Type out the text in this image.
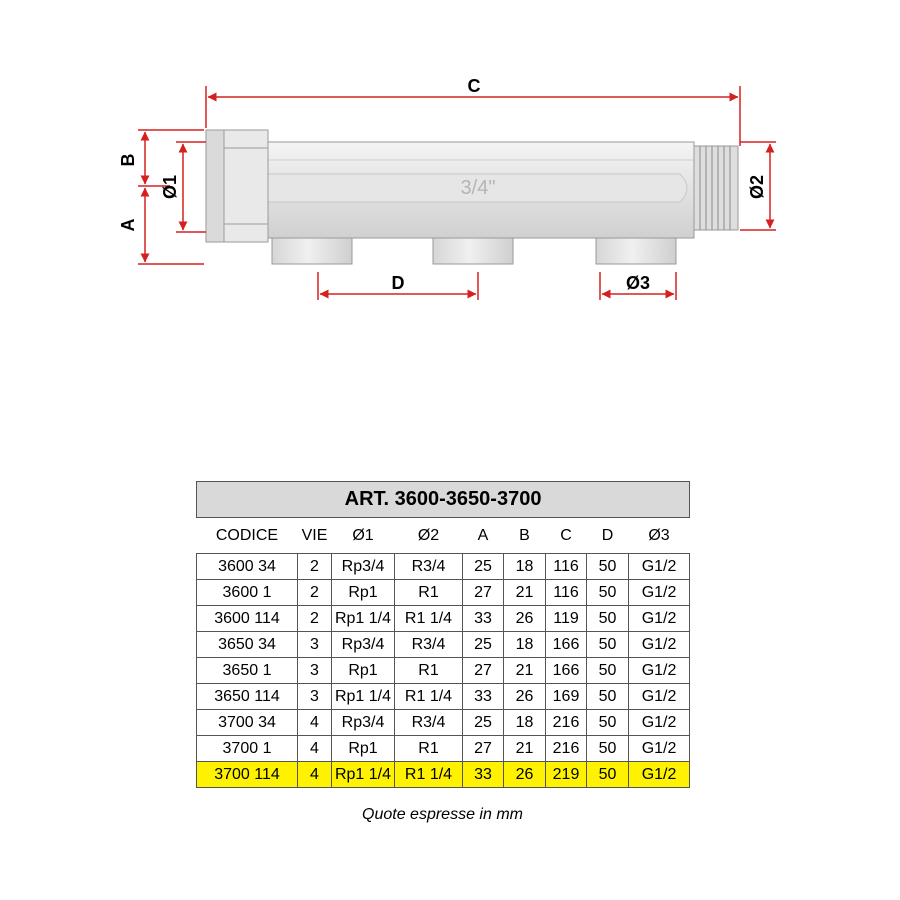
3/4"
C
D	Ø3
B
A
Ø1	Ø2
ART. 3600-3650-3700								
CODICE	VIE	Ø1	Ø2	A	B	C	D	Ø3
3600 34	2	Rp3/4	R3/4	25	18	116	50	G1/2
3600 1	2	Rp1	R1	27	21	116	50	G1/2
3600 114	2	Rp1 1/4	R1 1/4	33	26	119	50	G1/2
3650 34	3	Rp3/4	R3/4	25	18	166	50	G1/2
3650 1	3	Rp1	R1	27	21	166	50	G1/2
3650 114	3	Rp1 1/4	R1 1/4	33	26	169	50	G1/2
3700 34	4	Rp3/4	R3/4	25	18	216	50	G1/2
3700 1	4	Rp1	R1	27	21	216	50	G1/2
3700 114	4	Rp1 1/4	R1 1/4	33	26	219	50	G1/2
Quote espresse in mm
